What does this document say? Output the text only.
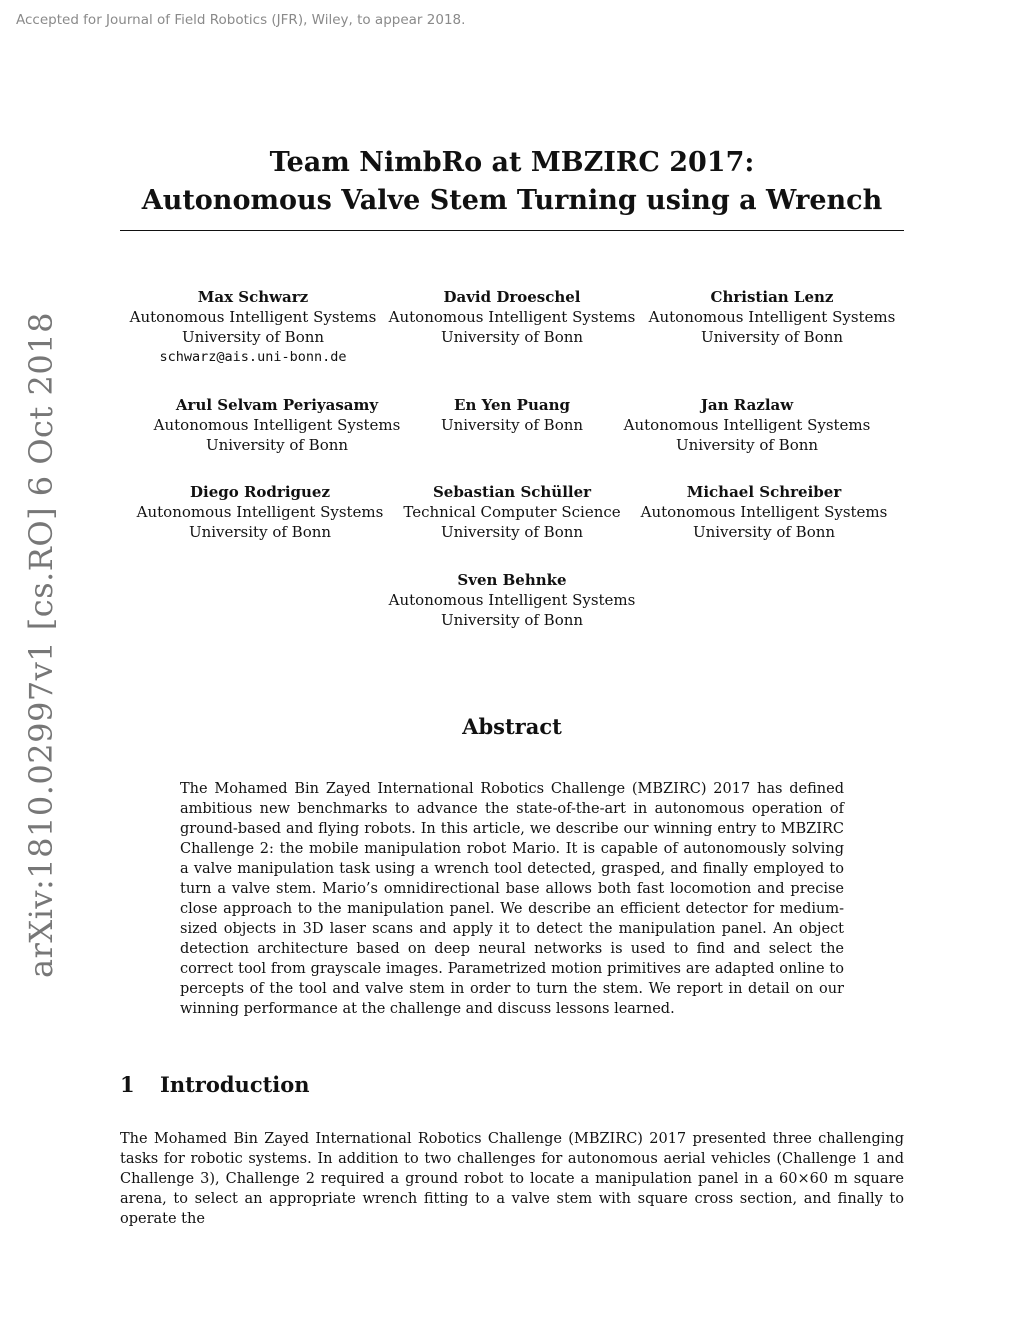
Accepted for Journal of Field Robotics (JFR), Wiley, to appear 2018.
arXiv:1810.02997v1 [cs.RO] 6 Oct 2018
Team NimbRo at MBZIRC 2017:
Autonomous Valve Stem Turning using a Wrench
Max Schwarz
Autonomous Intelligent Systems
University of Bonn
schwarz@ais.uni-bonn.de
David Droeschel
Autonomous Intelligent Systems
University of Bonn
Christian Lenz
Autonomous Intelligent Systems
University of Bonn
Arul Selvam Periyasamy
Autonomous Intelligent Systems
University of Bonn
En Yen Puang
University of Bonn
Jan Razlaw
Autonomous Intelligent Systems
University of Bonn
Diego Rodriguez
Autonomous Intelligent Systems
University of Bonn
Sebastian Schüller
Technical Computer Science
University of Bonn
Michael Schreiber
Autonomous Intelligent Systems
University of Bonn
Sven Behnke
Autonomous Intelligent Systems
University of Bonn
Abstract
The Mohamed Bin Zayed International Robotics Challenge (MBZIRC) 2017 has defined ambitious new benchmarks to advance the state-of-the-art in autonomous operation of ground-based and flying robots. In this article, we describe our winning entry to MBZIRC Challenge 2: the mobile manipulation robot Mario. It is capable of autonomously solving a valve manipulation task using a wrench tool detected, grasped, and finally employed to turn a valve stem. Mario’s omnidirectional base allows both fast locomotion and precise close approach to the manipulation panel. We describe an efficient detector for medium-sized objects in 3D laser scans and apply it to detect the manipulation panel. An object detection architecture based on deep neural networks is used to find and select the correct tool from grayscale images. Parametrized motion primitives are adapted online to percepts of the tool and valve stem in order to turn the stem. We report in detail on our winning performance at the challenge and discuss lessons learned.
1 Introduction
The Mohamed Bin Zayed International Robotics Challenge (MBZIRC) 2017 presented three challenging tasks for robotic systems. In addition to two challenges for autonomous aerial vehicles (Challenge 1 and Challenge 3), Challenge 2 required a ground robot to locate a manipulation panel in a 60×60 m square arena, to select an appropriate wrench fitting to a valve stem with square cross section, and finally to operate the
